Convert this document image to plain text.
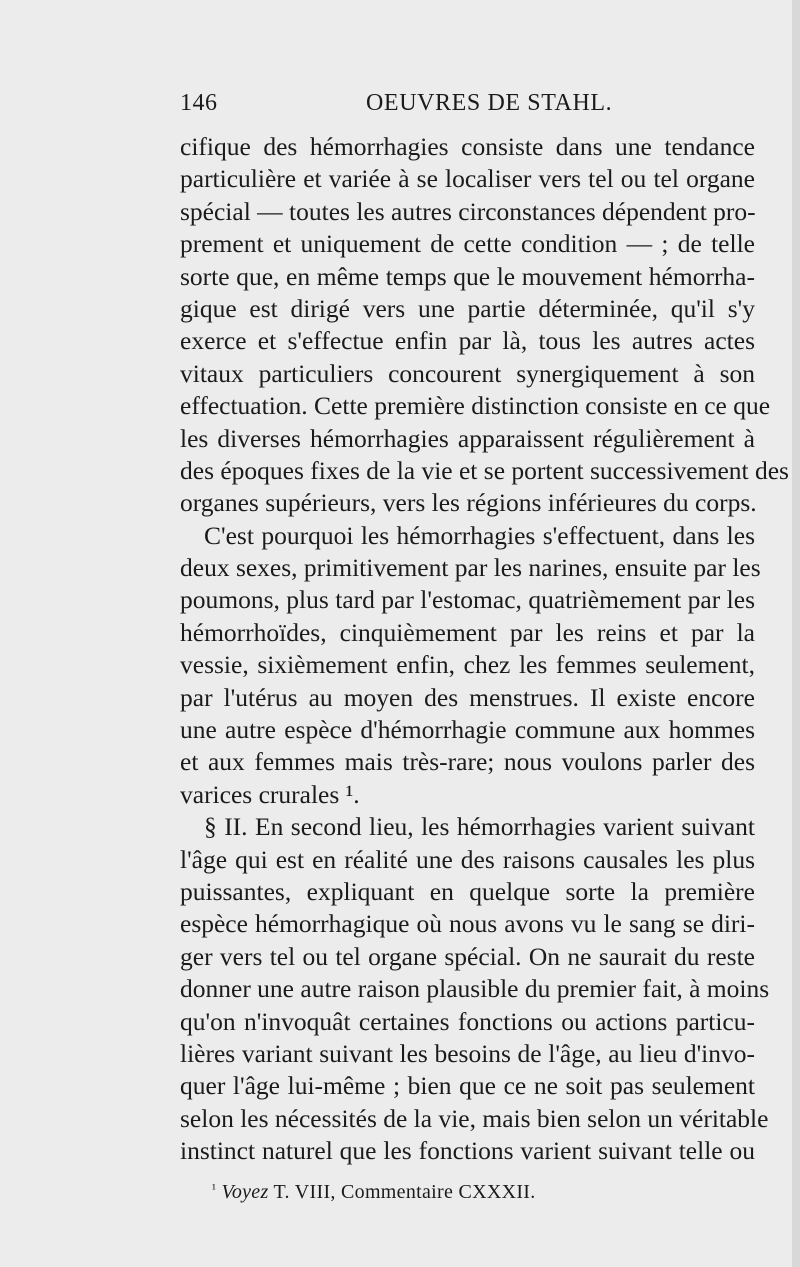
146	OEUVRES DE STAHL.
cifique des hémorrhagies consiste dans une tendance
particulière et variée à se localiser vers tel ou tel organe
spécial — toutes les autres circonstances dépendent pro-
prement et uniquement de cette condition — ; de telle
sorte que, en même temps que le mouvement hémorrha-
gique est dirigé vers une partie déterminée, qu'il s'y
exerce et s'effectue enfin par là, tous les autres actes
vitaux particuliers concourent synergiquement à son
effectuation. Cette première distinction consiste en ce que
les diverses hémorrhagies apparaissent régulièrement à
des époques fixes de la vie et se portent successivement des
organes supérieurs, vers les régions inférieures du corps.
C'est pourquoi les hémorrhagies s'effectuent, dans les
deux sexes, primitivement par les narines, ensuite par les
poumons, plus tard par l'estomac, quatrièmement par les
hémorrhoïdes, cinquièmement par les reins et par la
vessie, sixièmement enfin, chez les femmes seulement,
par l'utérus au moyen des menstrues. Il existe encore
une autre espèce d'hémorrhagie commune aux hommes
et aux femmes mais très-rare; nous voulons parler des
varices crurales ¹.
§ II. En second lieu, les hémorrhagies varient suivant
l'âge qui est en réalité une des raisons causales les plus
puissantes, expliquant en quelque sorte la première
espèce hémorrhagique où nous avons vu le sang se diri-
ger vers tel ou tel organe spécial. On ne saurait du reste
donner une autre raison plausible du premier fait, à moins
qu'on n'invoquât certaines fonctions ou actions particu-
lières variant suivant les besoins de l'âge, au lieu d'invo-
quer l'âge lui-même ; bien que ce ne soit pas seulement
selon les nécessités de la vie, mais bien selon un véritable
instinct naturel que les fonctions varient suivant telle ou
$^{^1}$ Voyez T. VIII, Commentaire CXXXII.
